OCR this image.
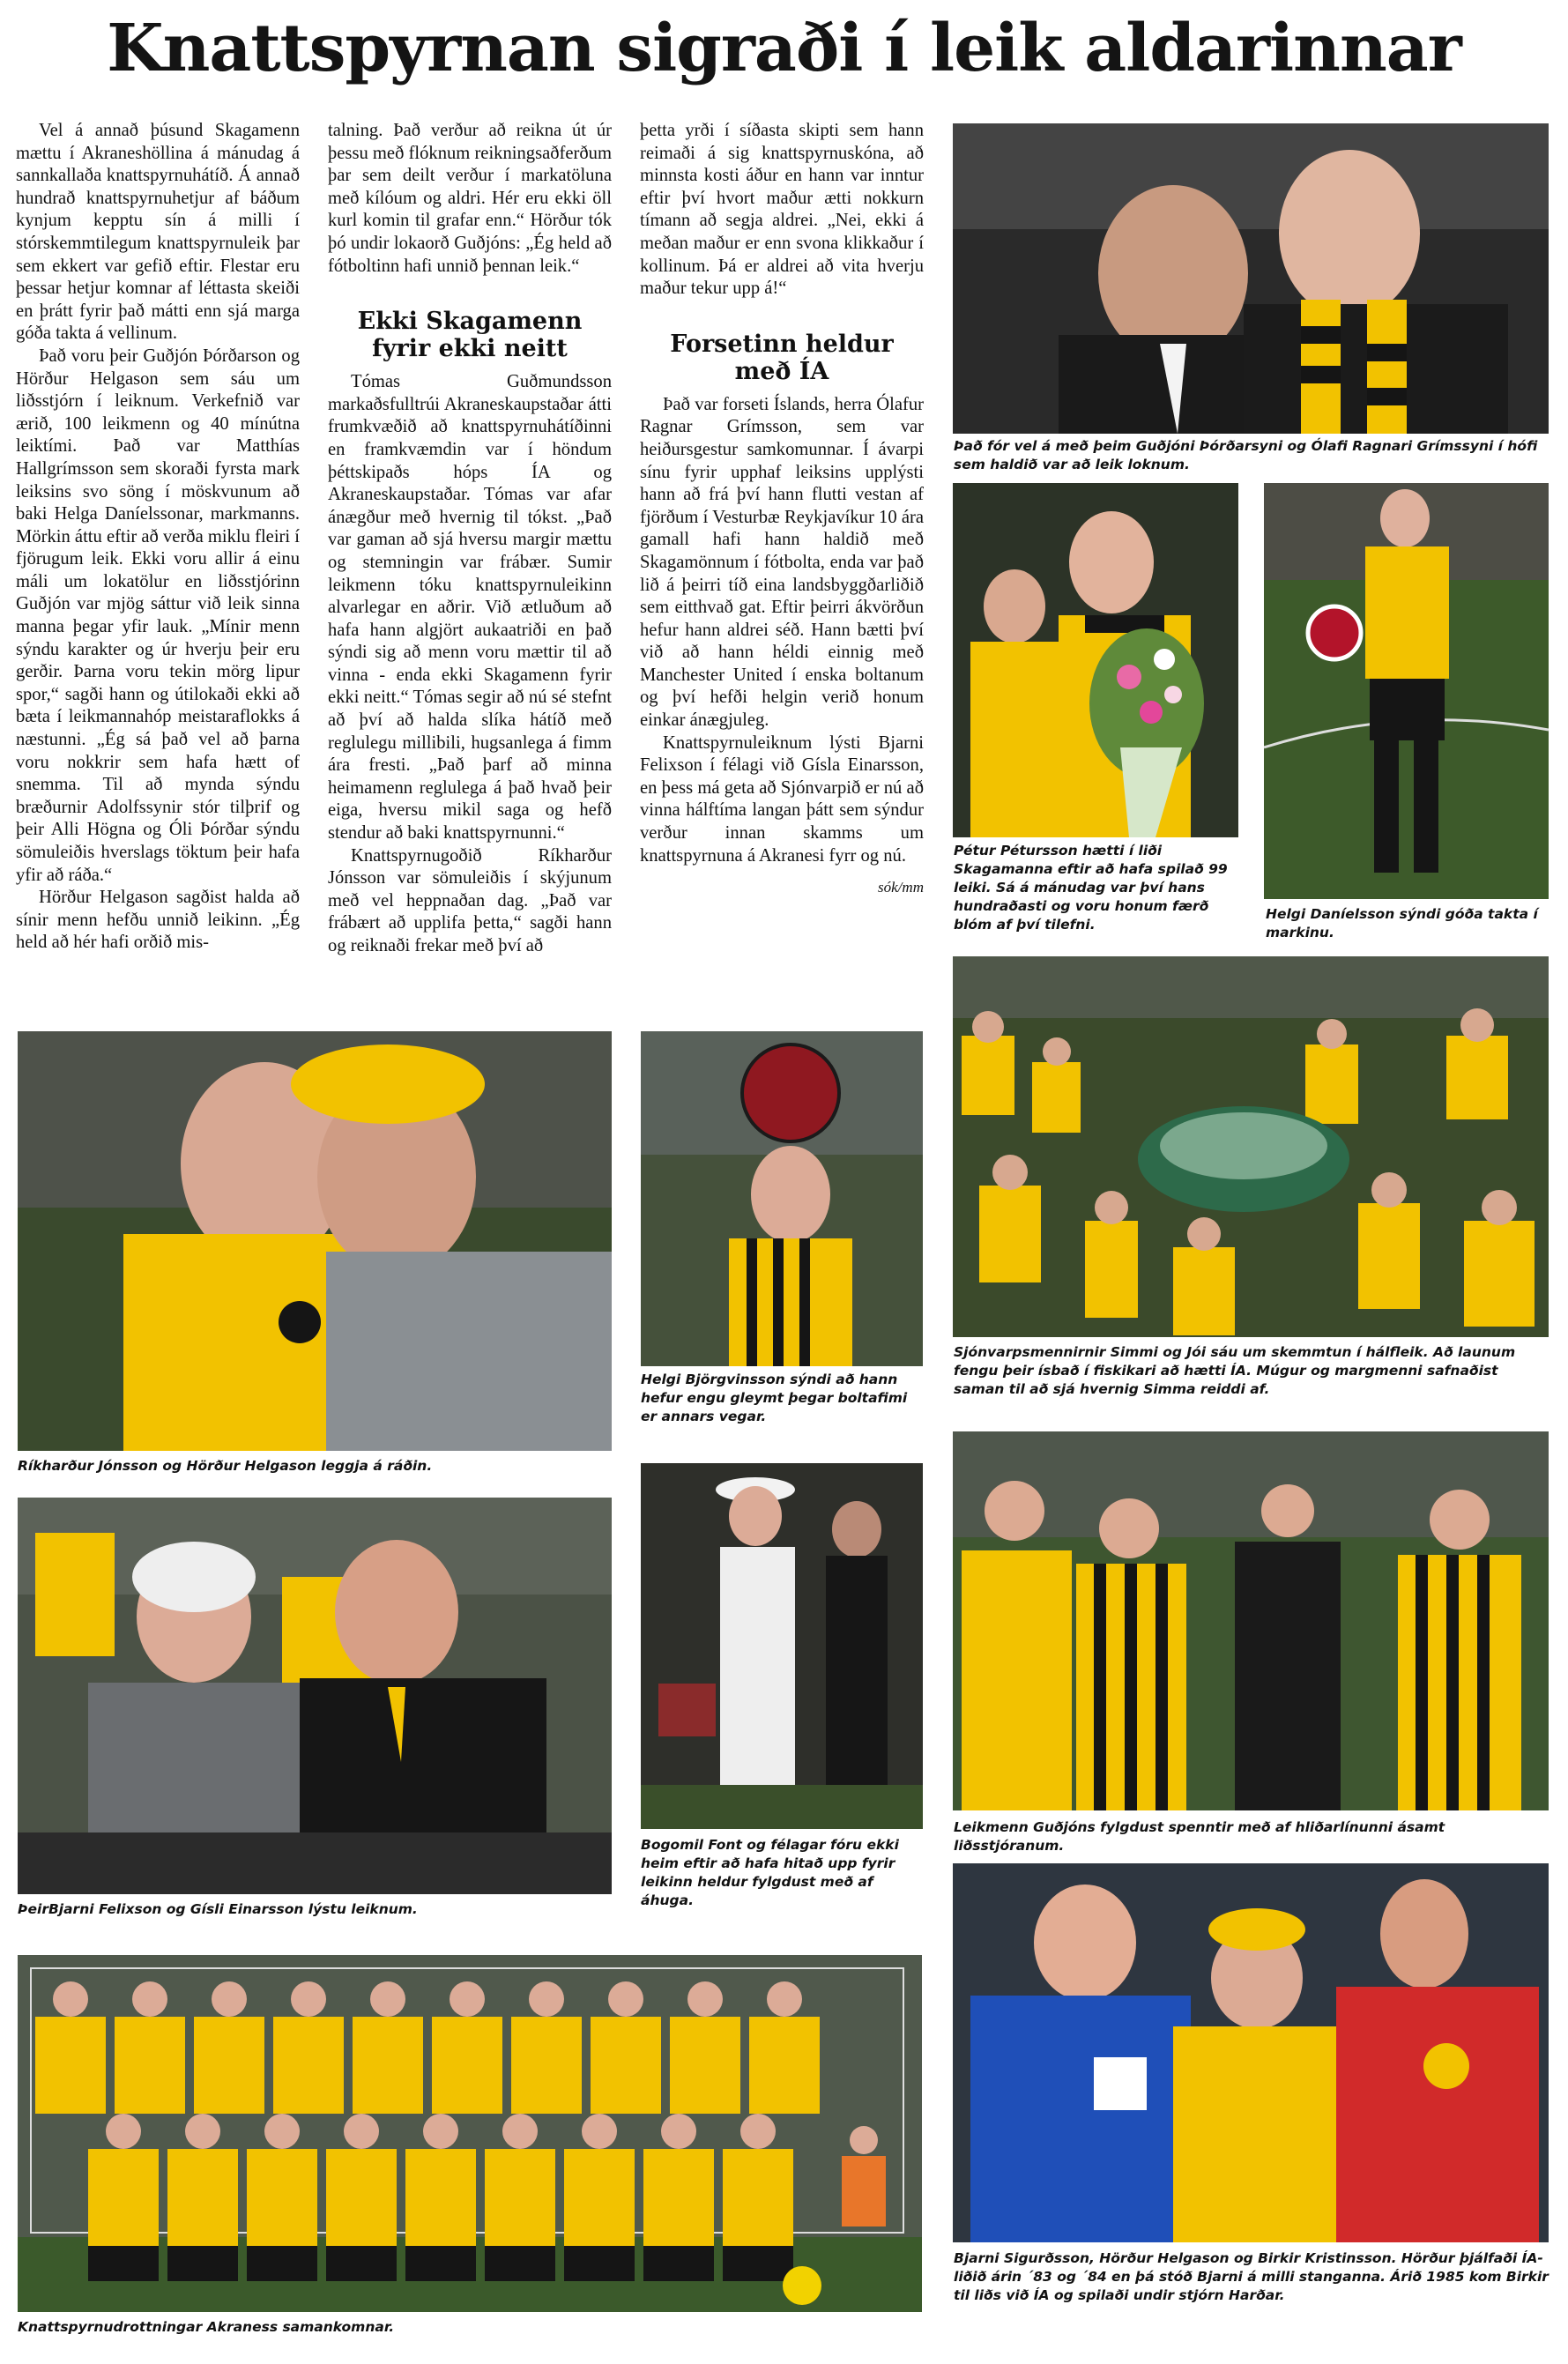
Knattspyrnan sigraði í leik aldarinnar

Vel á annað þúsund Skagamenn mættu í Akraneshöllina á mánudag á sannkallaða knattspyrnuhátíð. Á annað hundrað knattspyrnuhetjur af báðum kynjum kepptu sín á milli í stórskemmtilegum knattspyrnuleik þar sem ekkert var gefið eftir. Flestar eru þessar hetjur komnar af léttasta skeiði en þrátt fyrir það mátti enn sjá marga góða takta á vellinum.

Það voru þeir Guðjón Þórðarson og Hörður Helgason sem sáu um liðsstjórn í leiknum. Verkefnið var ærið, 100 leikmenn og 40 mínútna leiktími. Það var Matthías Hallgrímsson sem skoraði fyrsta mark leiksins svo söng í möskvunum að baki Helga Daníelssonar, markmanns. Mörkin áttu eftir að verða miklu fleiri í fjörugum leik. Ekki voru allir á einu máli um lokatölur en liðsstjórinn Guðjón var mjög sáttur við leik sinna manna þegar yfir lauk. „Mínir menn sýndu karakter og úr hverju þeir eru gerðir. Þarna voru tekin mörg lipur spor,“ sagði hann og útilokaði ekki að bæta í leikmannahóp meistaraflokks á næstunni. „Ég sá það vel að þarna voru nokkrir sem hafa hætt of snemma. Til að mynda sýndu bræðurnir Adolfssynir stór tilþrif og þeir Alli Högna og Óli Þórðar sýndu sömuleiðis hverslags töktum þeir hafa yfir að ráða.“

Hörður Helgason sagðist halda að sínir menn hefðu unnið leikinn. „Ég held að hér hafi orðið mis-

talning. Það verður að reikna út úr þessu með flóknum reikningsaðferðum þar sem deilt verður í markatöluna með kílóum og aldri. Hér eru ekki öll kurl komin til grafar enn.“ Hörður tók þó undir lokaorð Guðjóns: „Ég held að fótboltinn hafi unnið þennan leik.“

Ekki Skagamenn fyrir ekki neitt

Tómas Guðmundsson markaðsfulltrúi Akraneskaupstaðar átti frumkvæðið að knattspyrnuhátíðinni en framkvæmdin var í höndum þéttskipaðs hóps ÍA og Akraneskaupstaðar. Tómas var afar ánægður með hvernig til tókst. „Það var gaman að sjá hversu margir mættu og stemningin var frábær. Sumir leikmenn tóku knattspyrnuleikinn alvarlegar en aðrir. Við ætluðum að hafa hann algjört aukaatriði en það sýndi sig að menn voru mættir til að vinna - enda ekki Skagamenn fyrir ekki neitt.“ Tómas segir að nú sé stefnt að því að halda slíka hátíð með reglulegu millibili, hugsanlega á fimm ára fresti. „Það þarf að minna heimamenn reglulega á það hvað þeir eiga, hversu mikil saga og hefð stendur að baki knattspyrnunni.“

Knattspyrnugoðið Ríkharður Jónsson var sömuleiðis í skýjunum með vel heppnaðan dag. „Það var frábært að upplifa þetta,“ sagði hann og reiknaði frekar með því að

þetta yrði í síðasta skipti sem hann reimaði á sig knattspyrnuskóna, að minnsta kosti áður en hann var inntur eftir því hvort maður ætti nokkurn tímann að segja aldrei. „Nei, ekki á meðan maður er enn svona klikkaður í kollinum. Þá er aldrei að vita hverju maður tekur upp á!“

Forsetinn heldur með ÍA

Það var forseti Íslands, herra Ólafur Ragnar Grímsson, sem var heiðursgestur samkomunnar. Í ávarpi sínu fyrir upphaf leiksins upplýsti hann að frá því hann flutti vestan af fjörðum í Vesturbæ Reykjavíkur 10 ára gamall hafi hann haldið með Skagamönnum í fótbolta, enda var það lið á þeirri tíð eina landsbyggðarliðið sem eitthvað gat. Eftir þeirri ákvörðun hefur hann aldrei séð. Hann bætti því við að hann héldi einnig með Manchester United í enska boltanum og því hefði helgin verið honum einkar ánægjuleg.

Knattspyrnuleiknum lýsti Bjarni Felixson í félagi við Gísla Einarsson, en þess má geta að Sjónvarpið er nú að vinna hálftíma langan þátt sem sýndur verður innan skamms um knattspyrnuna á Akranesi fyrr og nú.

sók/mm
Það fór vel á með þeim Guðjóni Þórðarsyni og Ólafi Ragnari Grímssyni í hófi sem haldið var að leik loknum.
Pétur Pétursson hætti í liði Skagamanna eftir að hafa spilað 99 leiki. Sá á mánudag var því hans hundraðasti og voru honum færð blóm af því tilefni.
Helgi Daníelsson sýndi góða takta í markinu.
Sjónvarpsmennirnir Simmi og Jói sáu um skemmtun í hálfleik. Að launum fengu þeir ísbað í fiskikari að hætti ÍA. Múgur og margmenni safnaðist saman til að sjá hvernig Simma reiddi af.
Leikmenn Guðjóns fylgdust spenntir með af hliðarlínunni ásamt liðsstjóranum.
Bjarni Sigurðsson, Hörður Helgason og Birkir Kristinsson. Hörður þjálfaði ÍA-liðið árin ´83 og ´84 en þá stóð Bjarni á milli stanganna. Árið 1985 kom Birkir til liðs við ÍA og spilaði undir stjórn Harðar.
Ríkharður Jónsson og Hörður Helgason leggja á ráðin.
Helgi Björgvinsson sýndi að hann hefur engu gleymt þegar boltafimi er annars vegar.
ÞeirBjarni Felixson og Gísli Einarsson lýstu leiknum.
Bogomil Font og félagar fóru ekki heim eftir að hafa hitað upp fyrir leikinn heldur fylgdust með af áhuga.
Knattspyrnudrottningar Akraness samankomnar.
